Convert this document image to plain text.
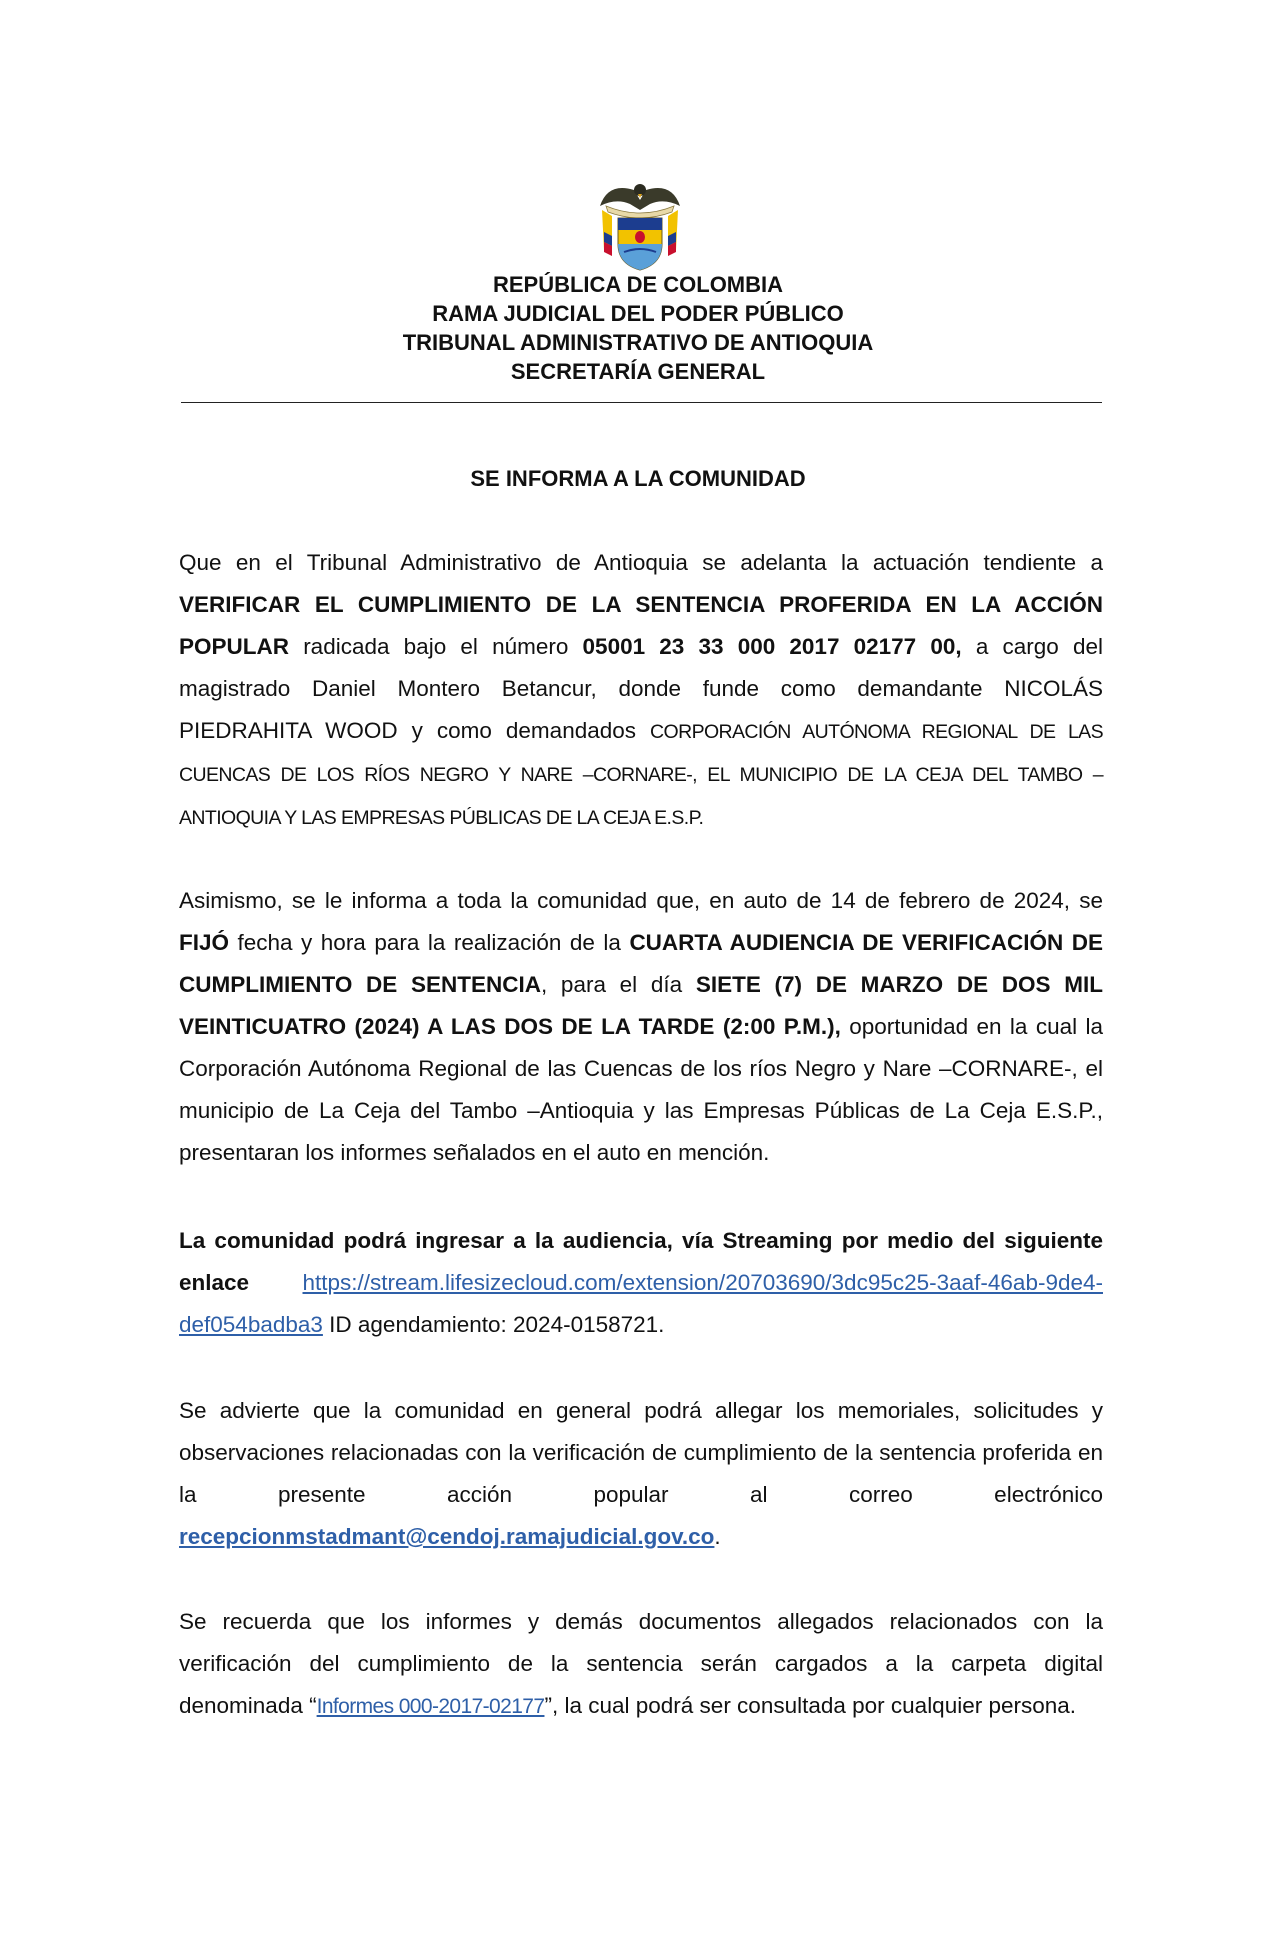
REPÚBLICA DE COLOMBIA
RAMA JUDICIAL DEL PODER PÚBLICO
TRIBUNAL ADMINISTRATIVO DE ANTIOQUIA
SECRETARÍA GENERAL
SE INFORMA A LA COMUNIDAD
Que en el Tribunal Administrativo de Antioquia se adelanta la actuación tendiente a VERIFICAR EL CUMPLIMIENTO DE LA SENTENCIA PROFERIDA EN LA ACCIÓN POPULAR radicada bajo el número 05001 23 33 000 2017 02177 00, a cargo del magistrado Daniel Montero Betancur, donde funde como demandante NICOLÁS PIEDRAHITA WOOD y como demandados CORPORACIÓN AUTÓNOMA REGIONAL DE LAS CUENCAS DE LOS RÍOS NEGRO Y NARE –CORNARE-, EL MUNICIPIO DE LA CEJA DEL TAMBO –ANTIOQUIA Y LAS EMPRESAS PÚBLICAS DE LA CEJA E.S.P.
Asimismo, se le informa a toda la comunidad que, en auto de 14 de febrero de 2024, se FIJÓ fecha y hora para la realización de la CUARTA AUDIENCIA DE VERIFICACIÓN DE CUMPLIMIENTO DE SENTENCIA, para el día SIETE (7) DE MARZO DE DOS MIL VEINTICUATRO (2024) A LAS DOS DE LA TARDE (2:00 P.M.), oportunidad en la cual la Corporación Autónoma Regional de las Cuencas de los ríos Negro y Nare –CORNARE-, el municipio de La Ceja del Tambo –Antioquia y las Empresas Públicas de La Ceja E.S.P., presentaran los informes señalados en el auto en mención.
La comunidad podrá ingresar a la audiencia, vía Streaming por medio del siguiente enlace https://stream.lifesizecloud.com/extension/20703690/3dc95c25-3aaf-46ab-9de4-def054badba3 ID agendamiento: 2024-0158721.
Se advierte que la comunidad en general podrá allegar los memoriales, solicitudes y observaciones relacionadas con la verificación de cumplimiento de la sentencia proferida en la presente acción popular al correo electrónico recepcionmstadmant@cendoj.ramajudicial.gov.co.
Se recuerda que los informes y demás documentos allegados relacionados con la verificación del cumplimiento de la sentencia serán cargados a la carpeta digital denominada “Informes 000-2017-02177”, la cual podrá ser consultada por cualquier persona.
